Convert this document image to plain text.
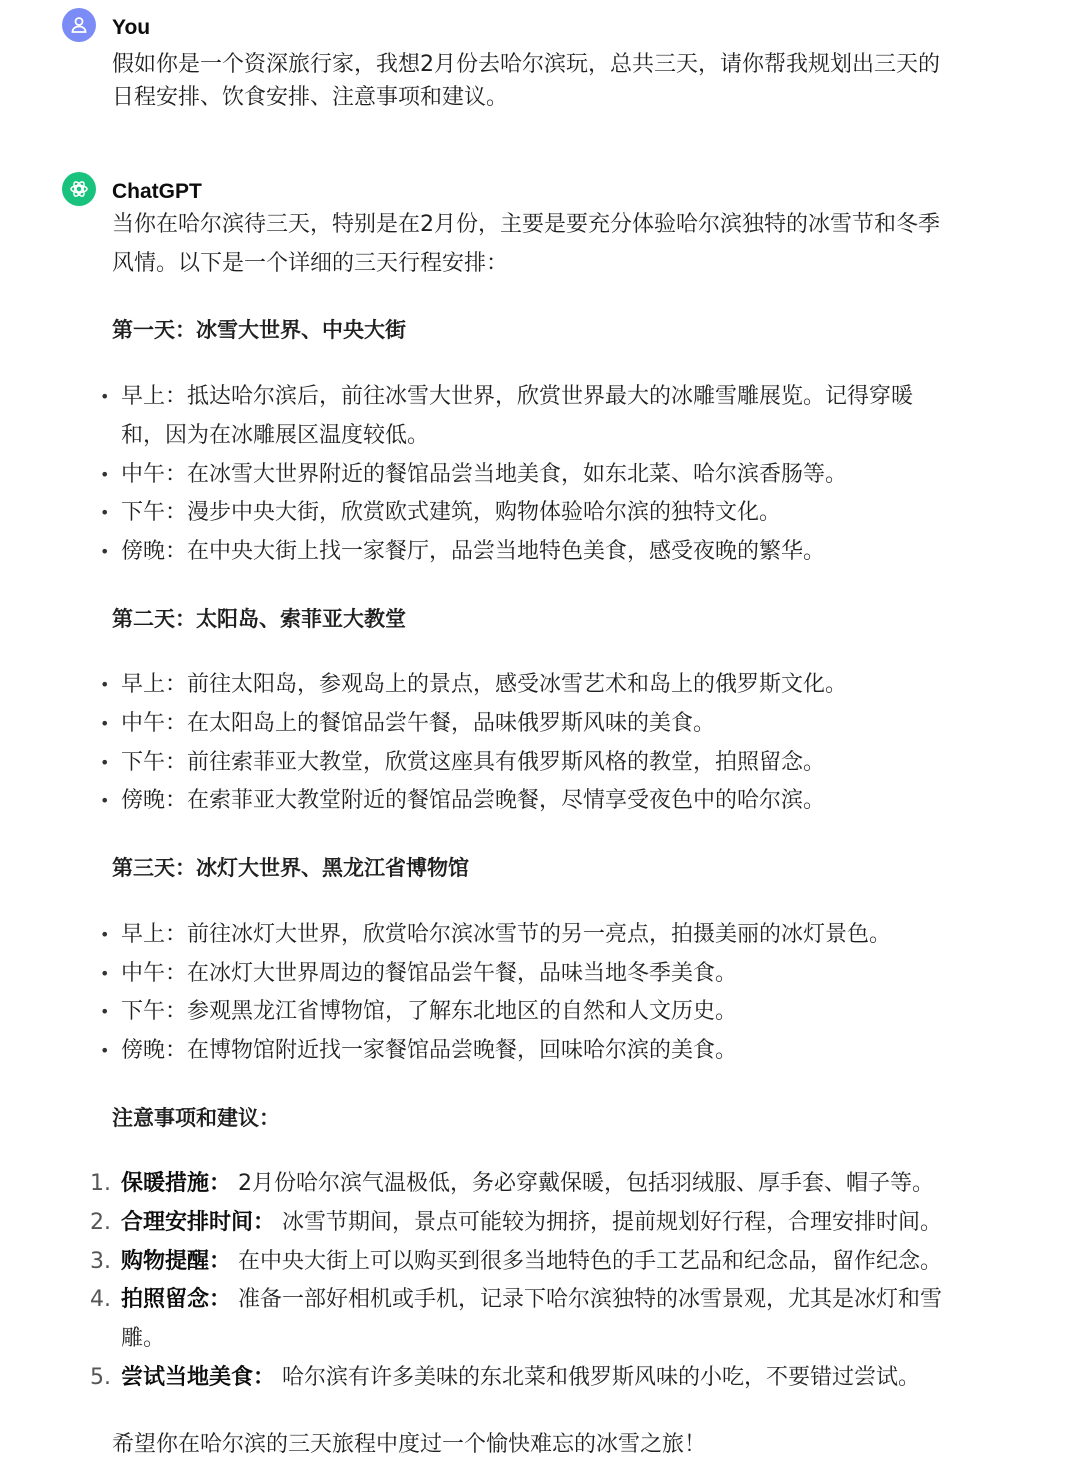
You
假如你是一个资深旅行家，我想2月份去哈尔滨玩，总共三天，请你帮我规划出三天的日程安排、饮食安排、注意事项和建议。
ChatGPT

当你在哈尔滨待三天，特别是在2月份，主要是要充分体验哈尔滨独特的冰雪节和冬季风情。以下是一个详细的三天行程安排：

第一天：冰雪大世界、中央大街
• 早上：抵达哈尔滨后，前往冰雪大世界，欣赏世界最大的冰雕雪雕展览。记得穿暖和，因为在冰雕展区温度较低。
• 中午：在冰雪大世界附近的餐馆品尝当地美食，如东北菜、哈尔滨香肠等。
• 下午：漫步中央大街，欣赏欧式建筑，购物体验哈尔滨的独特文化。
• 傍晚：在中央大街上找一家餐厅，品尝当地特色美食，感受夜晚的繁华。
第二天：太阳岛、索菲亚大教堂
• 早上：前往太阳岛，参观岛上的景点，感受冰雪艺术和岛上的俄罗斯文化。
• 中午：在太阳岛上的餐馆品尝午餐，品味俄罗斯风味的美食。
• 下午：前往索菲亚大教堂，欣赏这座具有俄罗斯风格的教堂，拍照留念。
• 傍晚：在索菲亚大教堂附近的餐馆品尝晚餐，尽情享受夜色中的哈尔滨。
第三天：冰灯大世界、黑龙江省博物馆
• 早上：前往冰灯大世界，欣赏哈尔滨冰雪节的另一亮点，拍摄美丽的冰灯景色。
• 中午：在冰灯大世界周边的餐馆品尝午餐，品味当地冬季美食。
• 下午：参观黑龙江省博物馆，了解东北地区的自然和人文历史。
• 傍晚：在博物馆附近找一家餐馆品尝晚餐，回味哈尔滨的美食。
注意事项和建议：
1. 保暖措施： 2月份哈尔滨气温极低，务必穿戴保暖，包括羽绒服、厚手套、帽子等。
2. 合理安排时间： 冰雪节期间，景点可能较为拥挤，提前规划好行程，合理安排时间。
3. 购物提醒： 在中央大街上可以购买到很多当地特色的手工艺品和纪念品，留作纪念。
4. 拍照留念： 准备一部好相机或手机，记录下哈尔滨独特的冰雪景观，尤其是冰灯和雪雕。
5. 尝试当地美食： 哈尔滨有许多美味的东北菜和俄罗斯风味的小吃，不要错过尝试。

希望你在哈尔滨的三天旅程中度过一个愉快难忘的冰雪之旅！
